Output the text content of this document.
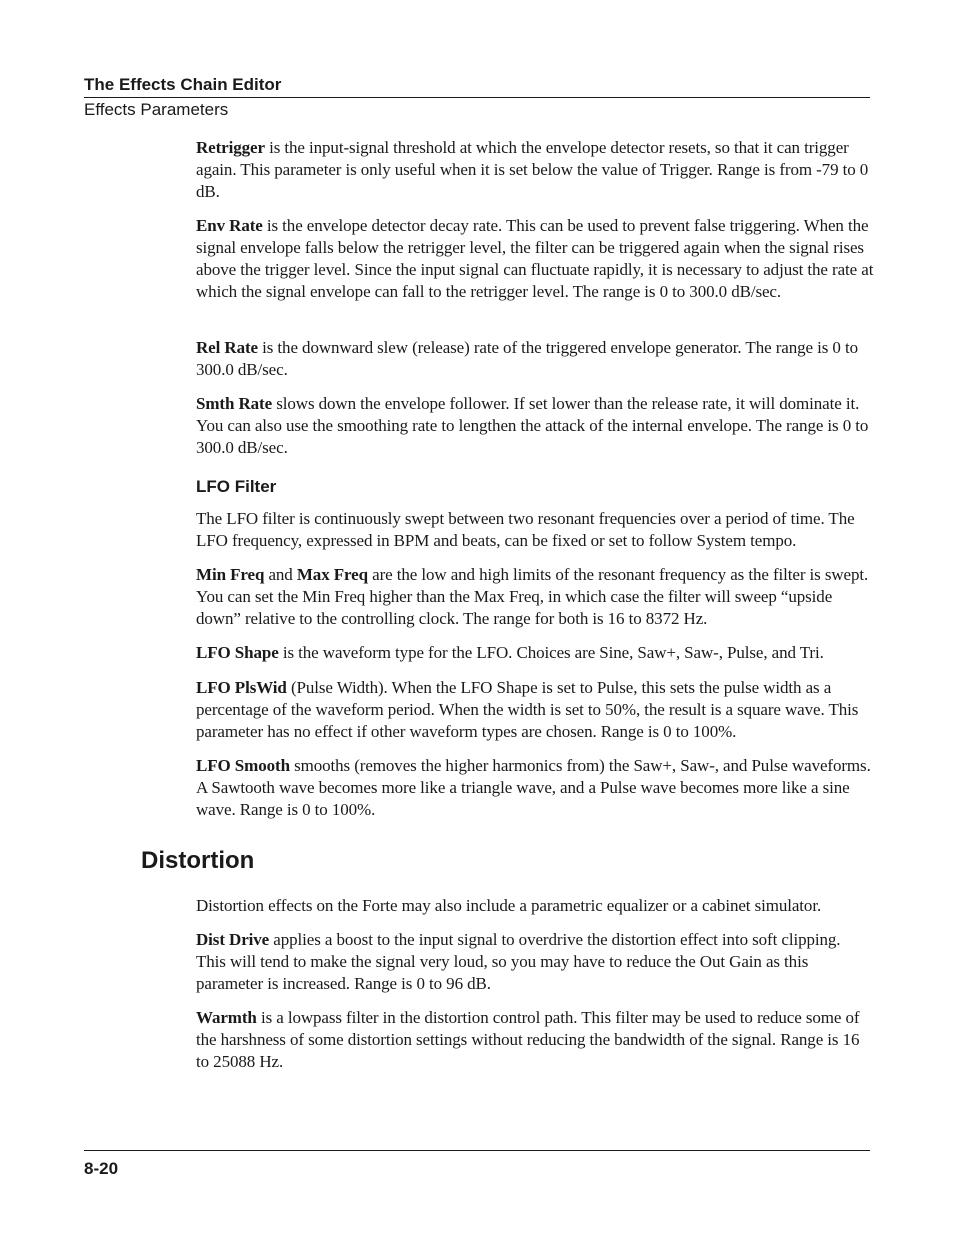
The Effects Chain Editor
Effects Parameters

Retrigger is the input-signal threshold at which the envelope detector resets, so that it can trigger again. This parameter is only useful when it is set below the value of Trigger. Range is from -79 to 0 dB.

Env Rate is the envelope detector decay rate. This can be used to prevent false triggering. When the signal envelope falls below the retrigger level, the filter can be triggered again when the signal rises above the trigger level. Since the input signal can fluctuate rapidly, it is necessary to adjust the rate at which the signal envelope can fall to the retrigger level. The range is 0 to 300.0 dB/sec.

Rel Rate is the downward slew (release) rate of the triggered envelope generator. The range is 0 to 300.0 dB/sec.

Smth Rate slows down the envelope follower. If set lower than the release rate, it will dominate it. You can also use the smoothing rate to lengthen the attack of the internal envelope. The range is 0 to 300.0 dB/sec.

LFO Filter

The LFO filter is continuously swept between two resonant frequencies over a period of time. The LFO frequency, expressed in BPM and beats, can be fixed or set to follow System tempo.

Min Freq and Max Freq are the low and high limits of the resonant frequency as the filter is swept. You can set the Min Freq higher than the Max Freq, in which case the filter will sweep “upside down” relative to the controlling clock. The range for both is 16 to 8372 Hz.

LFO Shape is the waveform type for the LFO. Choices are Sine, Saw+, Saw-, Pulse, and Tri.

LFO PlsWid (Pulse Width). When the LFO Shape is set to Pulse, this sets the pulse width as a percentage of the waveform period. When the width is set to 50%, the result is a square wave. This parameter has no effect if other waveform types are chosen. Range is 0 to 100%.

LFO Smooth smooths (removes the higher harmonics from) the Saw+, Saw-, and Pulse waveforms. A Sawtooth wave becomes more like a triangle wave, and a Pulse wave becomes more like a sine wave. Range is 0 to 100%.

Distortion

Distortion effects on the Forte may also include a parametric equalizer or a cabinet simulator.

Dist Drive applies a boost to the input signal to overdrive the distortion effect into soft clipping. This will tend to make the signal very loud, so you may have to reduce the Out Gain as this parameter is increased. Range is 0 to 96 dB.

Warmth is a lowpass filter in the distortion control path. This filter may be used to reduce some of the harshness of some distortion settings without reducing the bandwidth of the signal. Range is 16 to 25088 Hz.

8-20
